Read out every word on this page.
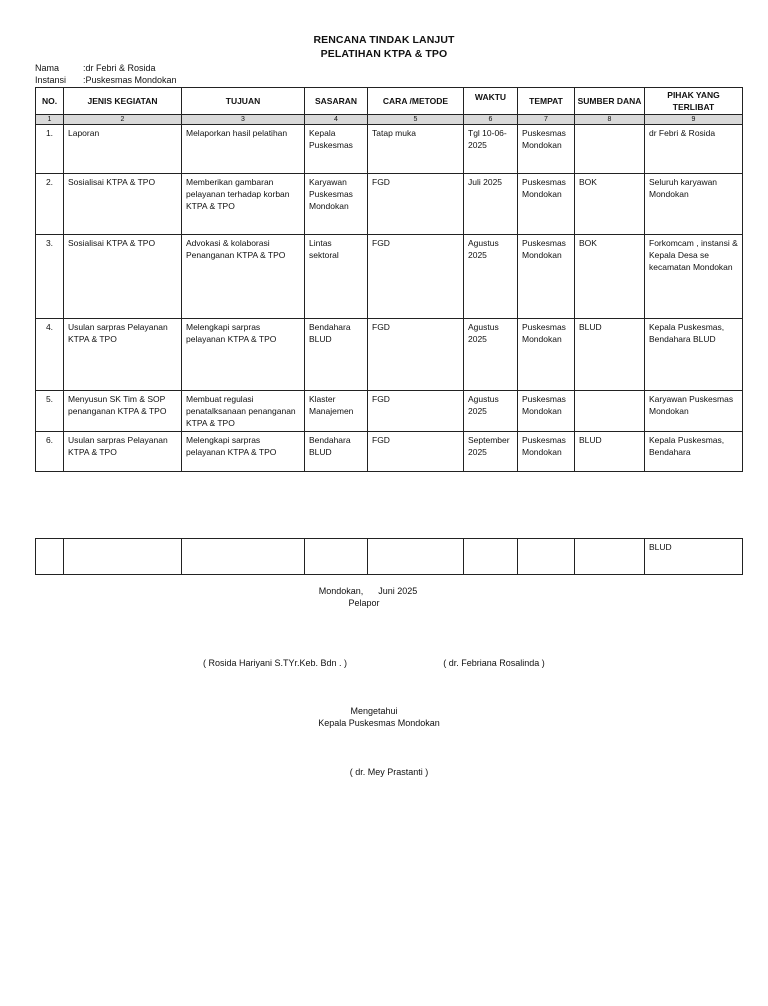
RENCANA TINDAK LANJUT
PELATIHAN KTPA & TPO
Nama	:dr Febri & Rosida
Instansi :Puskesmas Mondokan
NO.	JENIS KEGIATAN	TUJUAN	SASARAN	CARA /METODE	WAKTU	TEMPAT	SUMBER DANA	PIHAK YANG TERLIBAT
1	2	3	4	5	6	7	8	9
1.	Laporan	Melaporkan hasil pelatihan	Kepala Puskesmas	Tatap muka	Tgl 10-06-2025	Puskesmas Mondokan		dr Febri & Rosida
2.	Sosialisai KTPA & TPO	Memberikan gambaran pelayanan terhadap korban KTPA & TPO	Karyawan Puskesmas Mondokan	FGD	Juli 2025	Puskesmas Mondokan	BOK	Seluruh karyawan Mondokan
3.	Sosialisai KTPA & TPO	Advokasi & kolaborasi Penanganan KTPA & TPO	Lintas sektoral	FGD	Agustus 2025	Puskesmas Mondokan	BOK	Forkomcam , instansi & Kepala Desa se kecamatan Mondokan
4.	Usulan sarpras Pelayanan KTPA & TPO	Melengkapi sarpras pelayanan KTPA & TPO	Bendahara BLUD	FGD	Agustus 2025	Puskesmas Mondokan	BLUD	Kepala Puskesmas, Bendahara BLUD
5.	Menyusun SK Tim & SOP penanganan KTPA & TPO	Membuat regulasi penatalksanaan penanganan KTPA & TPO	Klaster Manajemen	FGD	Agustus 2025	Puskesmas Mondokan		Karyawan Puskesmas Mondokan
6.	Usulan sarpras Pelayanan KTPA & TPO	Melengkapi sarpras pelayanan KTPA & TPO	Bendahara BLUD	FGD	September 2025	Puskesmas Mondokan	BLUD	Kepala Puskesmas, Bendahara
								BLUD
Mondokan,      Juni 2025
Pelapor
( Rosida Hariyani S.TYr.Keb. Bdn . )	( dr. Febriana Rosalinda )
Mengetahui
Kepala Puskesmas Mondokan
( dr. Mey Prastanti )
